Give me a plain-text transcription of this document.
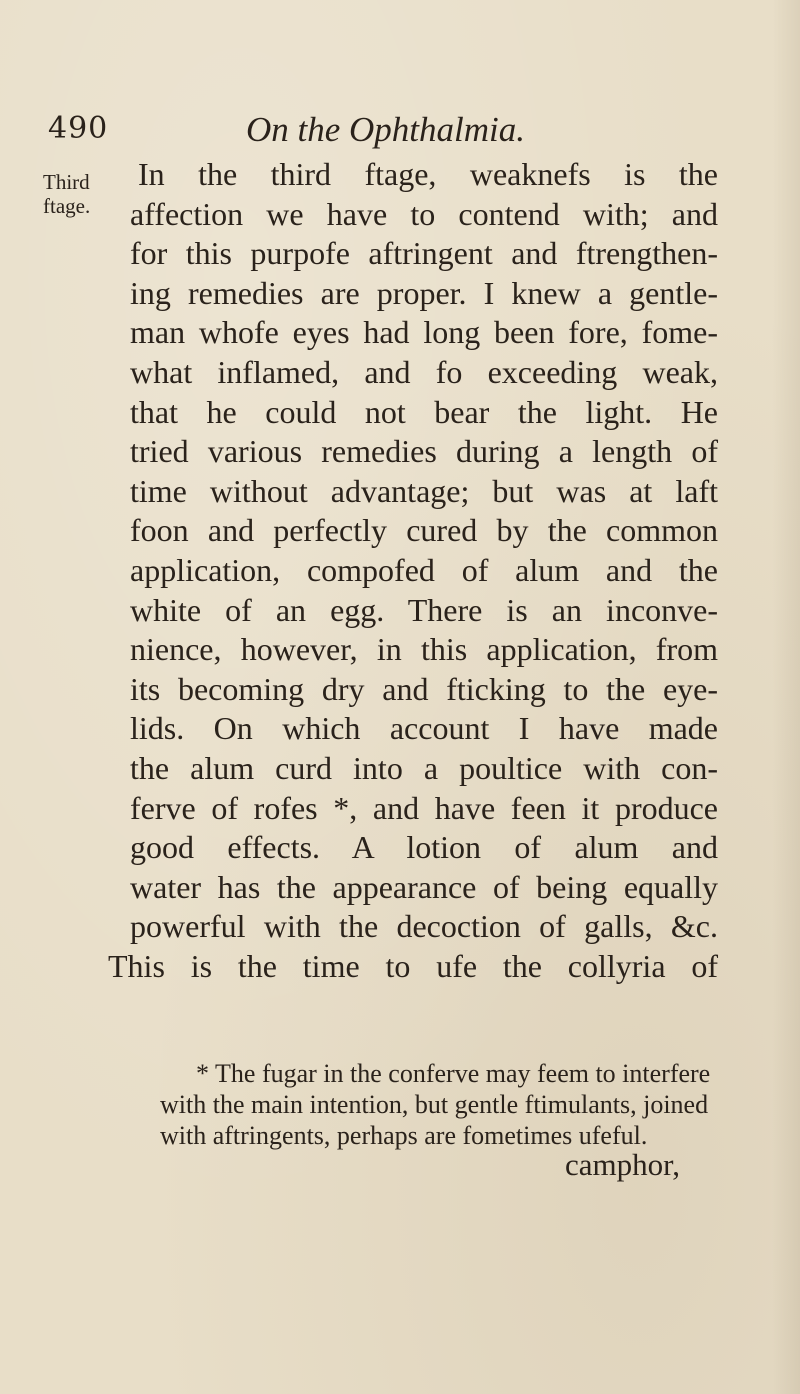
490	On the Ophthalmia.
Third
ftage.
In the third ftage, weaknefs is the
affection we have to contend with; and
for this purpofe aftringent and ftrengthen-
ing remedies are proper. I knew a gentle-
man whofe eyes had long been fore, fome-
what inflamed, and fo exceeding weak,
that he could not bear the light. He
tried various remedies during a length of
time without advantage; but was at laft
foon and perfectly cured by the common
application, compofed of alum and the
white of an egg. There is an inconve-
nience, however, in this application, from
its becoming dry and fticking to the eye-
lids. On which account I have made
the alum curd into a poultice with con-
ferve of rofes *, and have feen it produce
good effects. A lotion of alum and
water has the appearance of being equally
powerful with the decoction of galls, &c.
This is the time to ufe the collyria of
* The fugar in the conferve may feem to interfere
with the main intention, but gentle ftimulants, joined
with aftringents, perhaps are fometimes ufeful.
camphor,
